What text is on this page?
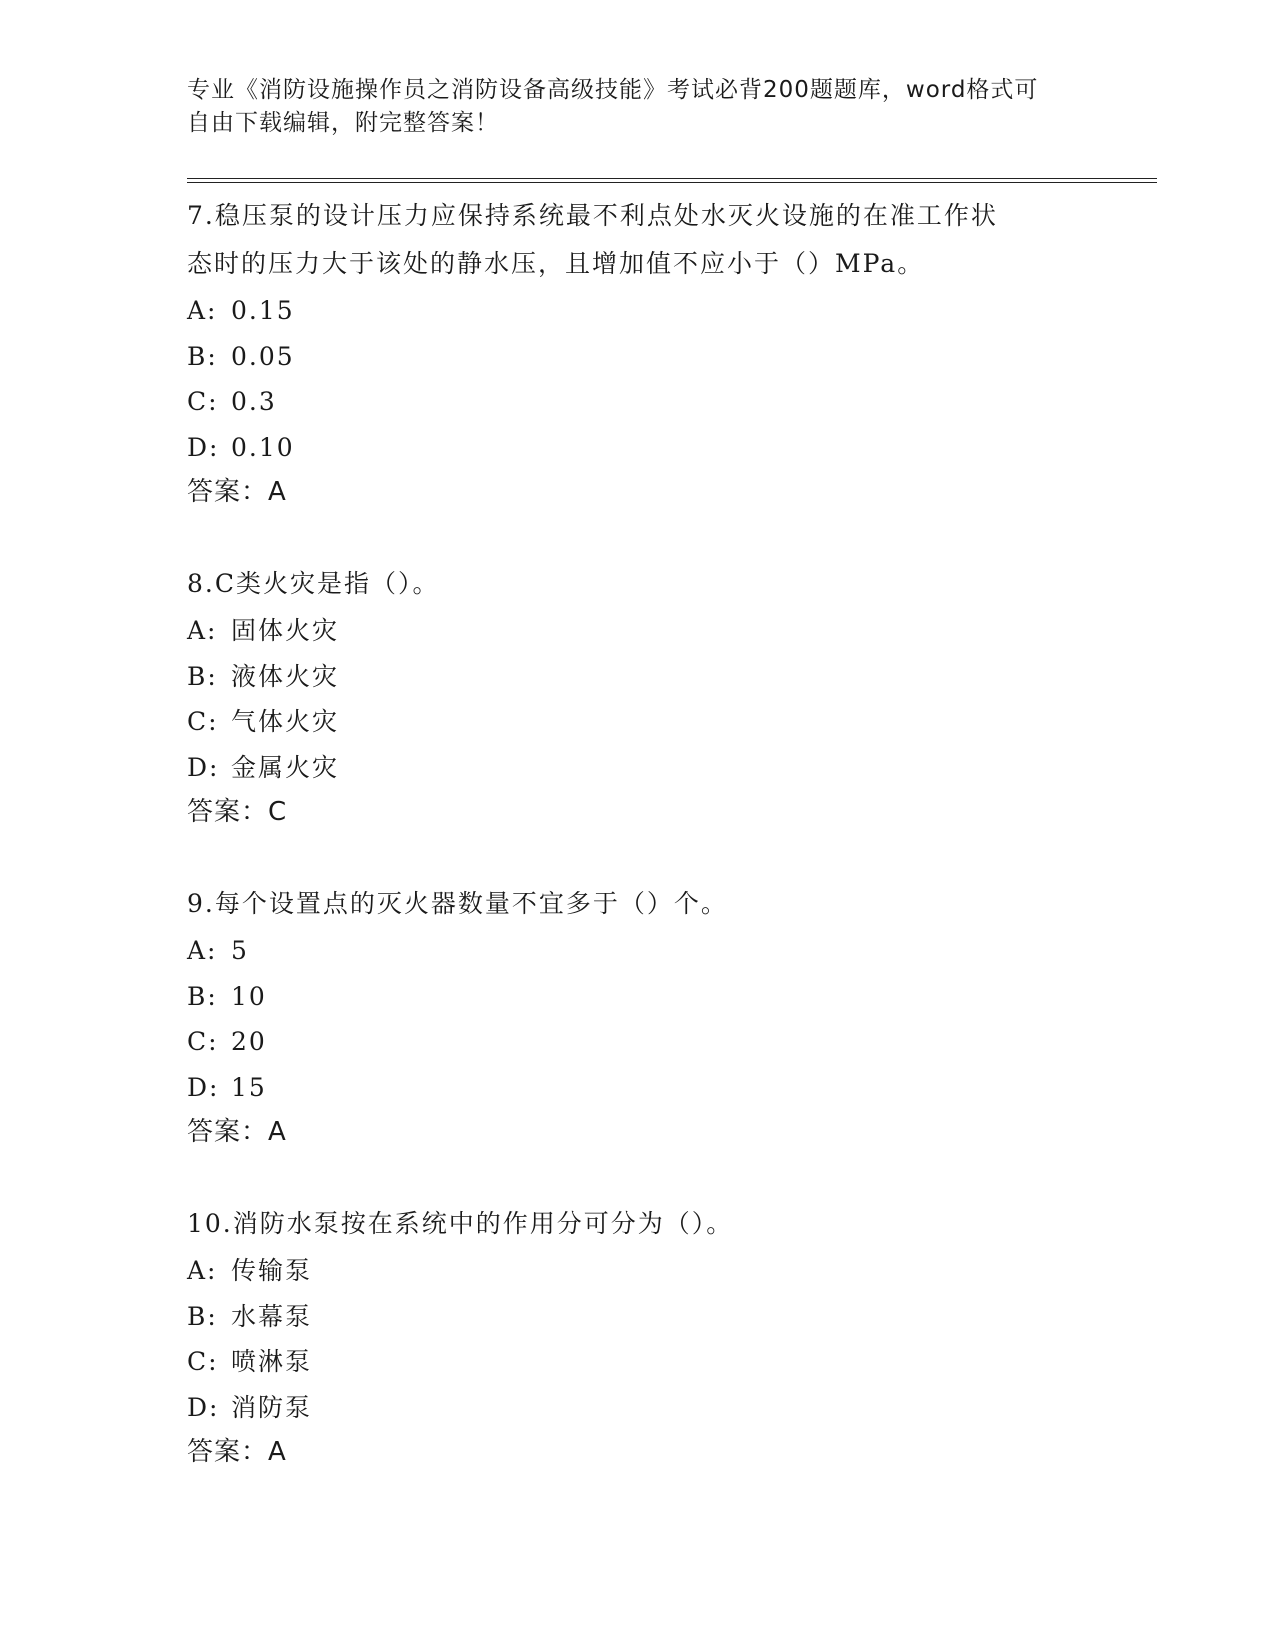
专业《消防设施操作员之消防设备高级技能》考试必背200题题库，word格式可
自由下载编辑，附完整答案！
7.稳压泵的设计压力应保持系统最不利点处水灭火设施的在准工作状
态时的压力大于该处的静水压，且增加值不应小于（）MPa。
A: 0.15
B: 0.05
C: 0.3
D: 0.10
答案：A
8.C类火灾是指（）。
A: 固体火灾
B: 液体火灾
C: 气体火灾
D: 金属火灾
答案：C
9.每个设置点的灭火器数量不宜多于（）个。
A: 5
B: 10
C: 20
D: 15
答案：A
10.消防水泵按在系统中的作用分可分为（）。
A: 传输泵
B: 水幕泵
C: 喷淋泵
D: 消防泵
答案：A
